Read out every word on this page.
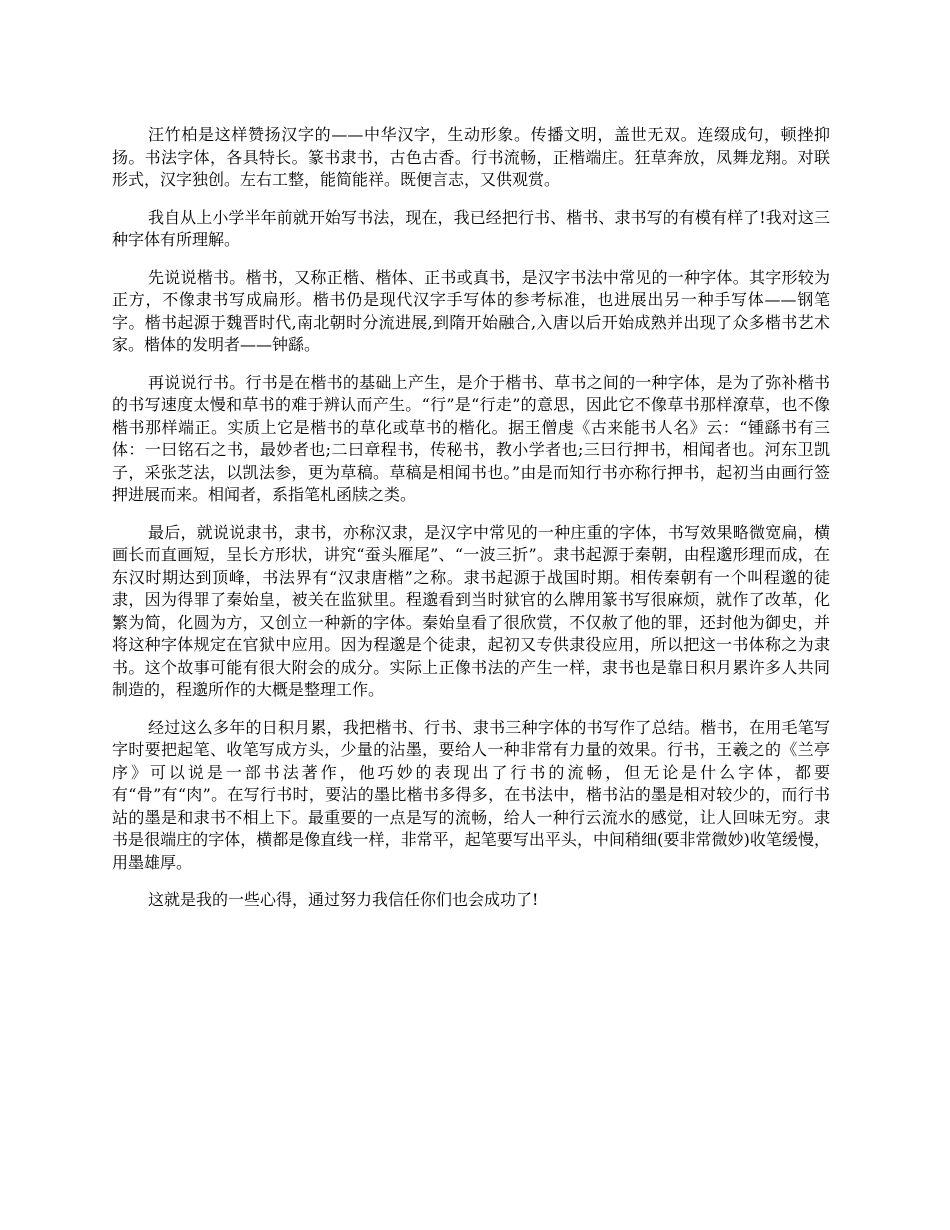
汪竹柏是这样赞扬汉字的——中华汉字，生动形象。传播文明，盖世无双。连缀成句，顿挫抑扬。书法字体，各具特长。篆书隶书，古色古香。行书流畅，正楷端庄。狂草奔放，凤舞龙翔。对联形式，汉字独创。左右工整，能简能祥。既便言志，又供观赏。

我自从上小学半年前就开始写书法，现在，我已经把行书、楷书、隶书写的有模有样了!我对这三种字体有所理解。

先说说楷书。楷书，又称正楷、楷体、正书或真书，是汉字书法中常见的一种字体。其字形较为正方，不像隶书写成扁形。楷书仍是现代汉字手写体的参考标准，也进展出另一种手写体——钢笔字。楷书起源于魏晋时代,南北朝时分流进展,到隋开始融合,入唐以后开始成熟并出现了众多楷书艺术家。楷体的发明者——钟繇。

再说说行书。行书是在楷书的基础上产生，是介于楷书、草书之间的一种字体，是为了弥补楷书的书写速度太慢和草书的难于辨认而产生。“行”是“行走”的意思，因此它不像草书那样潦草，也不像楷书那样端正。实质上它是楷书的草化或草书的楷化。据王僧虔《古来能书人名》云：“锺繇书有三体：一曰铭石之书，最妙者也;二曰章程书，传秘书，教小学者也;三曰行押书，相闻者也。河东卫凯子，采张芝法，以凯法参，更为草稿。草稿是相闻书也。”由是而知行书亦称行押书，起初当由画行签押进展而来。相闻者，系指笔札函牍之类。

最后，就说说隶书，隶书，亦称汉隶，是汉字中常见的一种庄重的字体，书写效果略微宽扁，横画长而直画短，呈长方形状，讲究“蚕头雁尾”、“一波三折”。隶书起源于秦朝，由程邈形理而成，在东汉时期达到顶峰，书法界有“汉隶唐楷”之称。隶书起源于战国时期。相传秦朝有一个叫程邈的徒隶，因为得罪了秦始皇，被关在监狱里。程邈看到当时狱官的么牌用篆书写很麻烦，就作了改革，化繁为简，化圆为方，又创立一种新的字体。秦始皇看了很欣赏，不仅赦了他的罪，还封他为御史，并将这种字体规定在官狱中应用。因为程邈是个徒隶，起初又专供隶役应用，所以把这一书体称之为隶书。这个故事可能有很大附会的成分。实际上正像书法的产生一样，隶书也是靠日积月累许多人共同制造的，程邈所作的大概是整理工作。

经过这么多年的日积月累，我把楷书、行书、隶书三种字体的书写作了总结。楷书，在用毛笔写字时要把起笔、收笔写成方头，少量的沾墨，要给人一种非常有力量的效果。行书，王羲之的《兰亭序》可以说是一部书法著作，他巧妙的表现出了行书的流畅，但无论是什么字体，都要有“骨”有“肉”。在写行书时，要沾的墨比楷书多得多，在书法中，楷书沾的墨是相对较少的，而行书站的墨是和隶书不相上下。最重要的一点是写的流畅，给人一种行云流水的感觉，让人回味无穷。隶书是很端庄的字体，横都是像直线一样，非常平，起笔要写出平头，中间稍细(要非常微妙)收笔缓慢，用墨雄厚。

这就是我的一些心得，通过努力我信任你们也会成功了!
